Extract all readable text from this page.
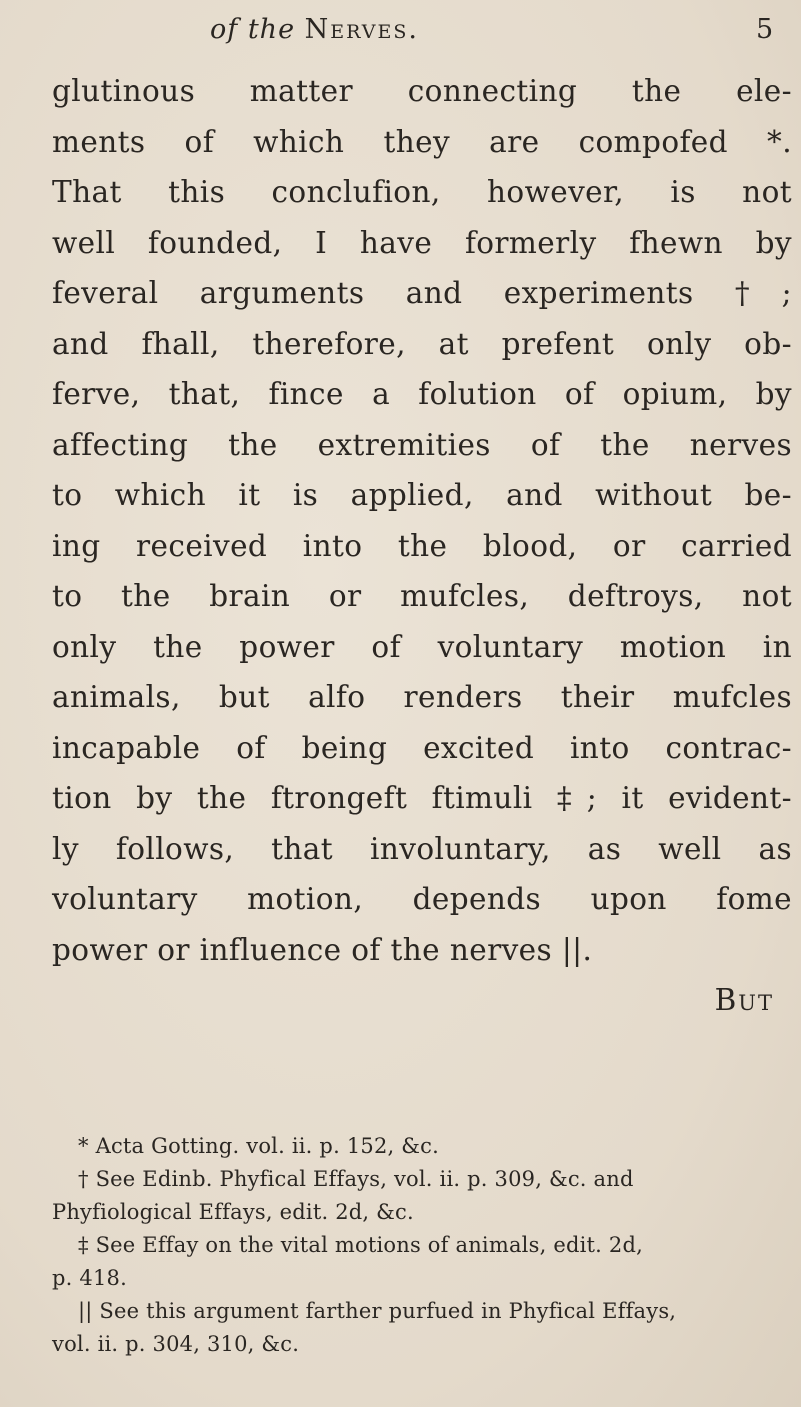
of the Nerves.	5
glutinous matter connecting the ele-
ments of which they are compofed *.
That this conclufion, however, is not
well founded, I have formerly fhewn by
feveral arguments and experiments †;
and fhall, therefore, at prefent only ob-
ferve, that, fince a folution of opium, by
affecting the extremities of the nerves
to which it is applied, and without be-
ing received into the blood, or carried
to the brain or mufcles, deftroys, not
only the power of voluntary motion in
animals, but alfo renders their mufcles
incapable of being excited into contrac-
tion by the ftrongeft ftimuli ‡; it evident-
ly follows, that involuntary, as well as
voluntary motion, depends upon fome
power or influence of the nerves ||.
But
* Acta Gotting. vol. ii. p. 152, &c.
† See Edinb. Phyfical Effays, vol. ii. p. 309, &c. and
Phyfiological Effays, edit. 2d, &c.
‡ See Effay on the vital motions of animals, edit. 2d,
p. 418.
|| See this argument farther purfued in Phyfical Effays,
vol. ii. p. 304, 310, &c.
